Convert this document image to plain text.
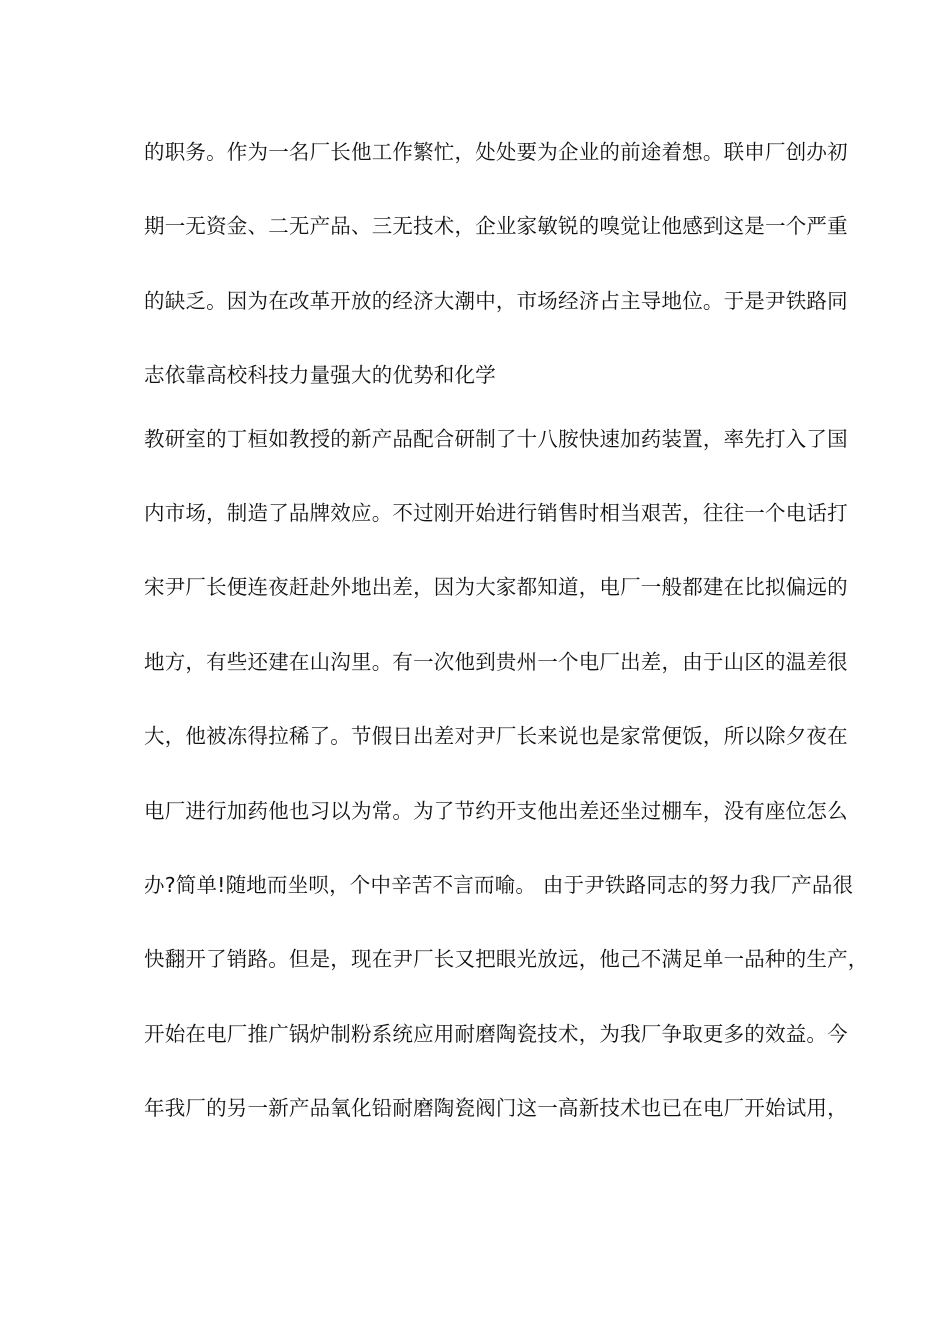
的职务。作为一名厂长他工作繁忙，处处要为企业的前途着想。联申厂创办初
期一无资金、二无产品、三无技术，企业家敏锐的嗅觉让他感到这是一个严重
的缺乏。因为在改革开放的经济大潮中，市场经济占主导地位。于是尹铁路同
志依靠高校科技力量强大的优势和化学
教研室的丁桓如教授的新产品配合研制了十八胺快速加药装置，率先打入了国
内市场，制造了品牌效应。不过刚开始进行销售时相当艰苦，往往一个电话打
宋尹厂长便连夜赶赴外地出差，因为大家都知道，电厂一般都建在比拟偏远的
地方，有些还建在山沟里。有一次他到贵州一个电厂出差，由于山区的温差很
大，他被冻得拉稀了。节假日出差对尹厂长来说也是家常便饭，所以除夕夜在
电厂进行加药他也习以为常。为了节约开支他出差还坐过棚车，没有座位怎么
办?简单!随地而坐呗，个中辛苦不言而喻。 由于尹铁路同志的努力我厂产品很
快翻开了销路。但是，现在尹厂长又把眼光放远，他己不满足单一品种的生产，
开始在电厂推广锅炉制粉系统应用耐磨陶瓷技术，为我厂争取更多的效益。今
年我厂的另一新产品氧化铅耐磨陶瓷阀门这一高新技术也已在电厂开始试用，
